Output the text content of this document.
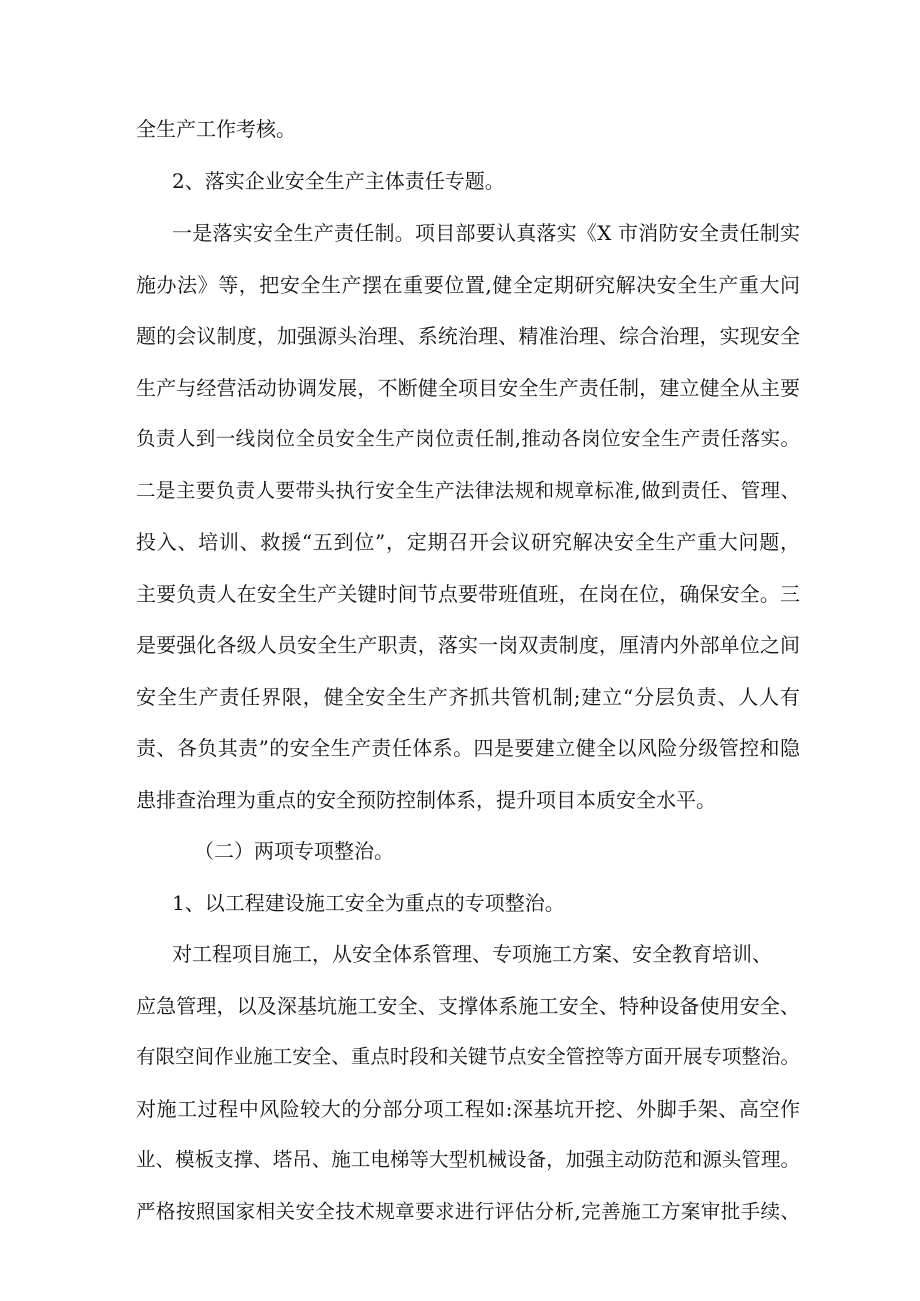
全生产工作考核。
2、落实企业安全生产主体责任专题。
一是落实安全生产责任制。项目部要认真落实《X 市消防安全责任制实
施办法》等，把安全生产摆在重要位置,健全定期研究解决安全生产重大问
题的会议制度，加强源头治理、系统治理、精准治理、综合治理，实现安全
生产与经营活动协调发展，不断健全项目安全生产责任制，建立健全从主要
负责人到一线岗位全员安全生产岗位责任制,推动各岗位安全生产责任落实。
二是主要负责人要带头执行安全生产法律法规和规章标准,做到责任、管理、
投入、培训、救援“五到位”，定期召开会议研究解决安全生产重大问题，
主要负责人在安全生产关键时间节点要带班值班，在岗在位，确保安全。三
是要强化各级人员安全生产职责，落实一岗双责制度，厘清内外部单位之间
安全生产责任界限，健全安全生产齐抓共管机制;建立“分层负责、人人有
责、各负其责”的安全生产责任体系。四是要建立健全以风险分级管控和隐
患排查治理为重点的安全预防控制体系，提升项目本质安全水平。
（二）两项专项整治。
1、以工程建设施工安全为重点的专项整治。
对工程项目施工，从安全体系管理、专项施工方案、安全教育培训、
应急管理，以及深基坑施工安全、支撑体系施工安全、特种设备使用安全、
有限空间作业施工安全、重点时段和关键节点安全管控等方面开展专项整治。
对施工过程中风险较大的分部分项工程如:深基坑开挖、外脚手架、高空作
业、模板支撑、塔吊、施工电梯等大型机械设备，加强主动防范和源头管理。
严格按照国家相关安全技术规章要求进行评估分析,完善施工方案审批手续、
